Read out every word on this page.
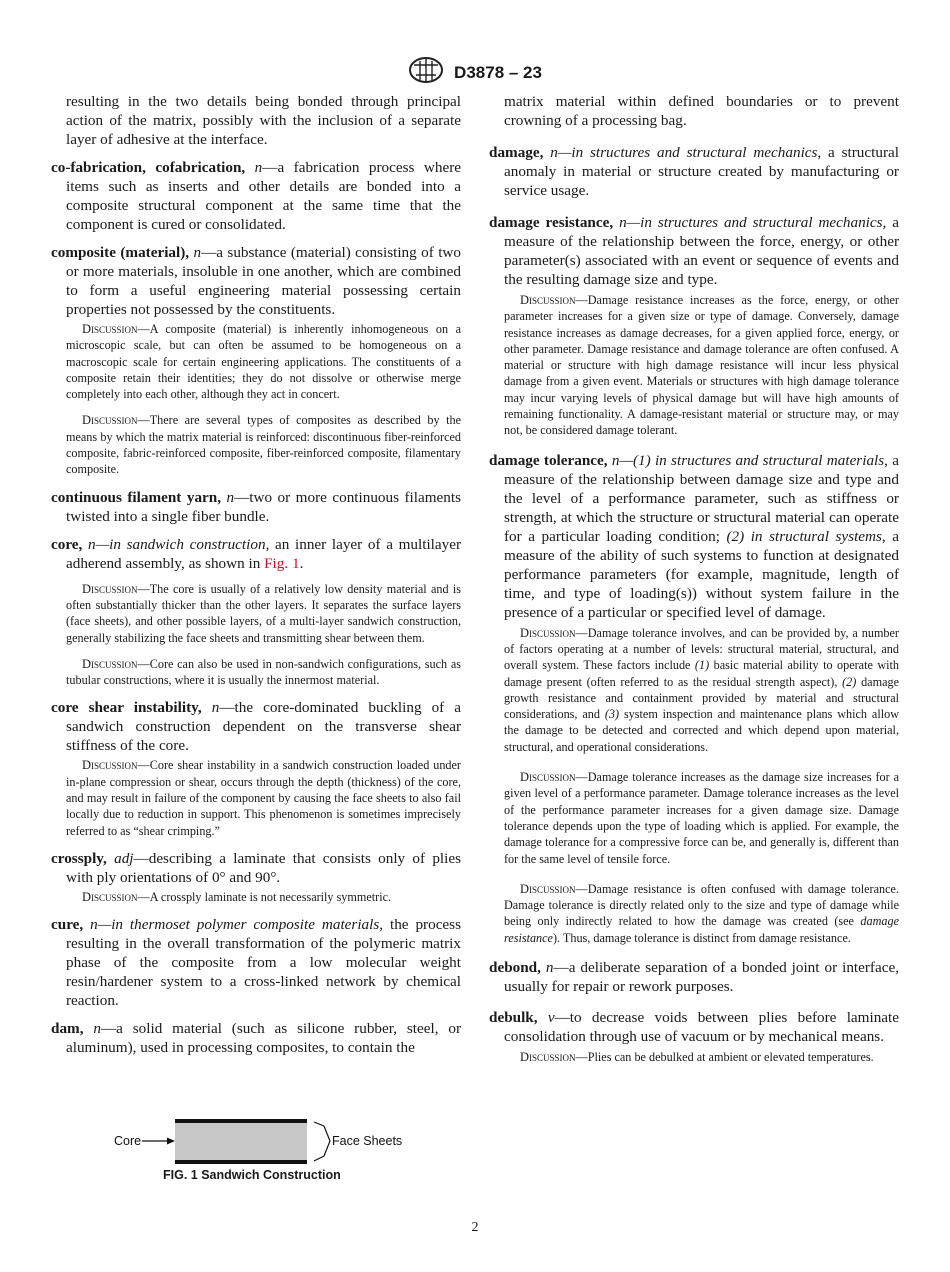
D3878 – 23

resulting in the two details being bonded through principal action of the matrix, possibly with the inclusion of a separate layer of adhesive at the interface.

co-fabrication, cofabrication, n—a fabrication process where items such as inserts and other details are bonded into a composite structural component at the same time that the component is cured or consolidated.

composite (material), n—a substance (material) consisting of two or more materials, insoluble in one another, which are combined to form a useful engineering material possessing certain properties not possessed by the constituents.

Discussion—A composite (material) is inherently inhomogeneous on a microscopic scale, but can often be assumed to be homogeneous on a macroscopic scale for certain engineering applications. The constituents of a composite retain their identities; they do not dissolve or otherwise merge completely into each other, although they act in concert.

Discussion—There are several types of composites as described by the means by which the matrix material is reinforced: discontinuous fiber-reinforced composite, fabric-reinforced composite, fiber-reinforced composite, filamentary composite.

continuous filament yarn, n—two or more continuous filaments twisted into a single fiber bundle.

core, n—in sandwich construction, an inner layer of a multilayer adherend assembly, as shown in Fig. 1.

Discussion—The core is usually of a relatively low density material and is often substantially thicker than the other layers. It separates the surface layers (face sheets), and other possible layers, of a multi-layer sandwich construction, generally stabilizing the face sheets and transmitting shear between them.

Discussion—Core can also be used in non-sandwich configurations, such as tubular constructions, where it is usually the innermost material.

core shear instability, n—the core-dominated buckling of a sandwich construction dependent on the transverse shear stiffness of the core.

Discussion—Core shear instability in a sandwich construction loaded under in-plane compression or shear, occurs through the depth (thickness) of the core, and may result in failure of the component by causing the face sheets to also fail locally due to reduction in support. This phenomenon is sometimes imprecisely referred to as “shear crimping.”

crossply, adj—describing a laminate that consists only of plies with ply orientations of 0° and 90°.

Discussion—A crossply laminate is not necessarily symmetric.

cure, n—in thermoset polymer composite materials, the process resulting in the overall transformation of the polymeric matrix phase of the composite from a low molecular weight resin/hardener system to a cross-linked network by chemical reaction.

dam, n—a solid material (such as silicone rubber, steel, or aluminum), used in processing composites, to contain the

Core	Face Sheets
FIG. 1 Sandwich Construction

matrix material within defined boundaries or to prevent crowning of a processing bag.

damage, n—in structures and structural mechanics, a structural anomaly in material or structure created by manufacturing or service usage.

damage resistance, n—in structures and structural mechanics, a measure of the relationship between the force, energy, or other parameter(s) associated with an event or sequence of events and the resulting damage size and type.

Discussion—Damage resistance increases as the force, energy, or other parameter increases for a given size or type of damage. Conversely, damage resistance increases as damage decreases, for a given applied force, energy, or other parameter. Damage resistance and damage tolerance are often confused. A material or structure with high damage resistance will incur less physical damage from a given event. Materials or structures with high damage tolerance may incur varying levels of physical damage but will have high amounts of remaining functionality. A damage-resistant material or structure may, or may not, be considered damage tolerant.

damage tolerance, n—(1) in structures and structural materials, a measure of the relationship between damage size and type and the level of a performance parameter, such as stiffness or strength, at which the structure or structural material can operate for a particular loading condition; (2) in structural systems, a measure of the ability of such systems to function at designated performance parameters (for example, magnitude, length of time, and type of loading(s)) without system failure in the presence of a particular or specified level of damage.

Discussion—Damage tolerance involves, and can be provided by, a number of factors operating at a number of levels: structural material, structural, and overall system. These factors include (1) basic material ability to operate with damage present (often referred to as the residual strength aspect), (2) damage growth resistance and containment provided by material and structural considerations, and (3) system inspection and maintenance plans which allow the damage to be detected and corrected and which depend upon material, structural, and operational considerations.

Discussion—Damage tolerance increases as the damage size increases for a given level of a performance parameter. Damage tolerance increases as the level of the performance parameter increases for a given damage size. Damage tolerance depends upon the type of loading which is applied. For example, the damage tolerance for a compressive force can be, and generally is, different than for the same level of tensile force.

Discussion—Damage resistance is often confused with damage tolerance. Damage tolerance is directly related only to the size and type of damage while being only indirectly related to how the damage was created (see damage resistance). Thus, damage tolerance is distinct from damage resistance.

debond, n—a deliberate separation of a bonded joint or interface, usually for repair or rework purposes.

debulk, v—to decrease voids between plies before laminate consolidation through use of vacuum or by mechanical means.

Discussion—Plies can be debulked at ambient or elevated temperatures.

2
